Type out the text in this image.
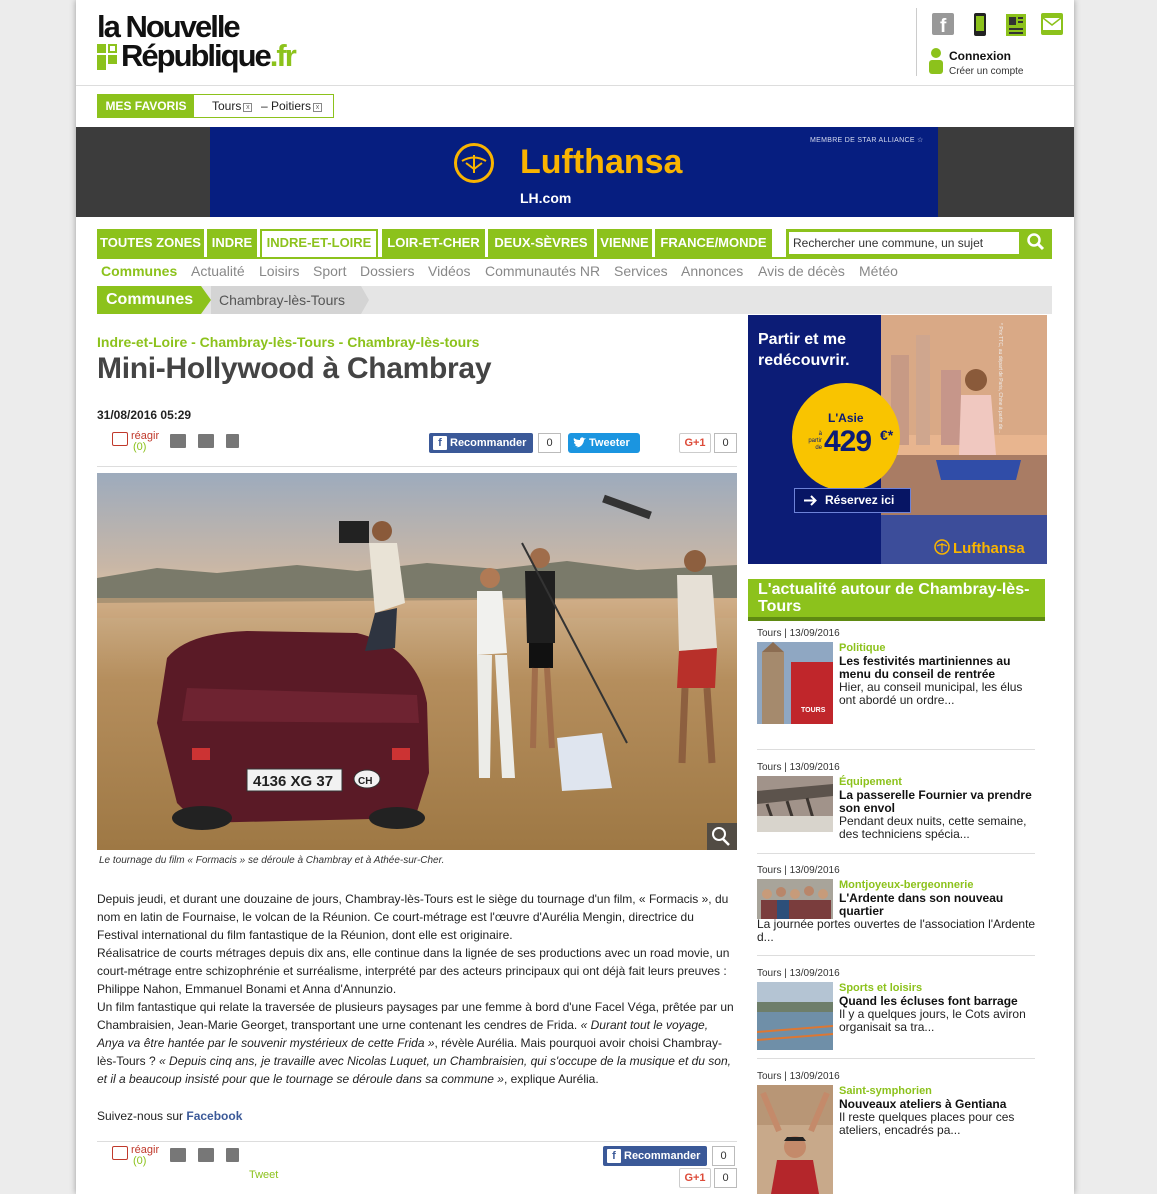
la Nouvelle
République.fr
f
Connexion
Créer un compte
MES FAVORIS	Tours x – Poitiers x
Lufthansa
LH.com
MEMBRE DE STAR ALLIANCE ☆
TOUTES ZONES INDRE	INDRE-ET-LOIRE	LOIR-ET-CHER	DEUX-SÈVRES VIENNE FRANCE/MONDE
Rechercher une commune, un sujet
Communes Actualité Loisirs Sport Dossiers Vidéos Communautés NR Services Annonces Avis de décès Météo
Communes	Chambray-lès-Tours
Indre-et-Loire - Chambray-lès-Tours - Chambray-lès-tours
Mini-Hollywood à Chambray
31/08/2016 05:29
réagir
(0)	f Recommander	0	Tweeter	G+1	0
4136 XG 37 CH
Le tournage du film « Formacis » se déroule à Chambray et à Athée-sur-Cher.

Depuis jeudi, et durant une douzaine de jours, Chambray-lès-Tours est le siège du tournage d'un film, « Formacis », du nom en latin de Fournaise, le volcan de la Réunion. Ce court-métrage est l'œuvre d'Aurélia Mengin, directrice du Festival international du film fantastique de la Réunion, dont elle est originaire.

Réalisatrice de courts métrages depuis dix ans, elle continue dans la lignée de ses productions avec un road movie, un court-métrage entre schizophrénie et surréalisme, interprété par des acteurs principaux qui ont déjà fait leurs preuves : Philippe Nahon, Emmanuel Bonami et Anna d'Annunzio.

Un film fantastique qui relate la traversée de plusieurs paysages par une femme à bord d'une Facel Véga, prêtée par un Chambraisien, Jean-Marie Georget, transportant une urne contenant les cendres de Frida. « Durant tout le voyage, Anya va être hantée par le souvenir mystérieux de cette Frida », révèle Aurélia. Mais pourquoi avoir choisi Chambray-lès-Tours ? « Depuis cinq ans, je travaille avec Nicolas Luquet, un Chambraisien, qui s'occupe de la musique et du son, et il a beaucoup insisté pour que le tournage se déroule dans sa commune », explique Aurélia.

Suivez-nous sur Facebook
réagir
(0)	f Recommander	0
Tweet	G+1	0
Partir et me redécouvrir.
L'Asie
à partir de 429 €*
Réservez ici
Lufthansa
* Prix TTC, au départ de Paris, Chine à partir de...
L'actualité autour de Chambray-lès-Tours
Tours | 13/09/2016
TOURS
Politique
Les festivités martiniennes au menu du conseil de rentrée
Hier, au conseil municipal, les élus ont abordé un ordre...
Tours | 13/09/2016
Équipement
La passerelle Fournier va prendre son envol
Pendant deux nuits, cette semaine, des techniciens spécia...
Tours | 13/09/2016
Montjoyeux-bergeonnerie
L'Ardente dans son nouveau quartier
La journée portes ouvertes de l'association l'Ardente d...
Tours | 13/09/2016
Sports et loisirs
Quand les écluses font barrage
Il y a quelques jours, le Cots aviron organisait sa tra...
Tours | 13/09/2016
Saint-symphorien
Nouveaux ateliers à Gentiana
Il reste quelques places pour ces ateliers, encadrés pa...
